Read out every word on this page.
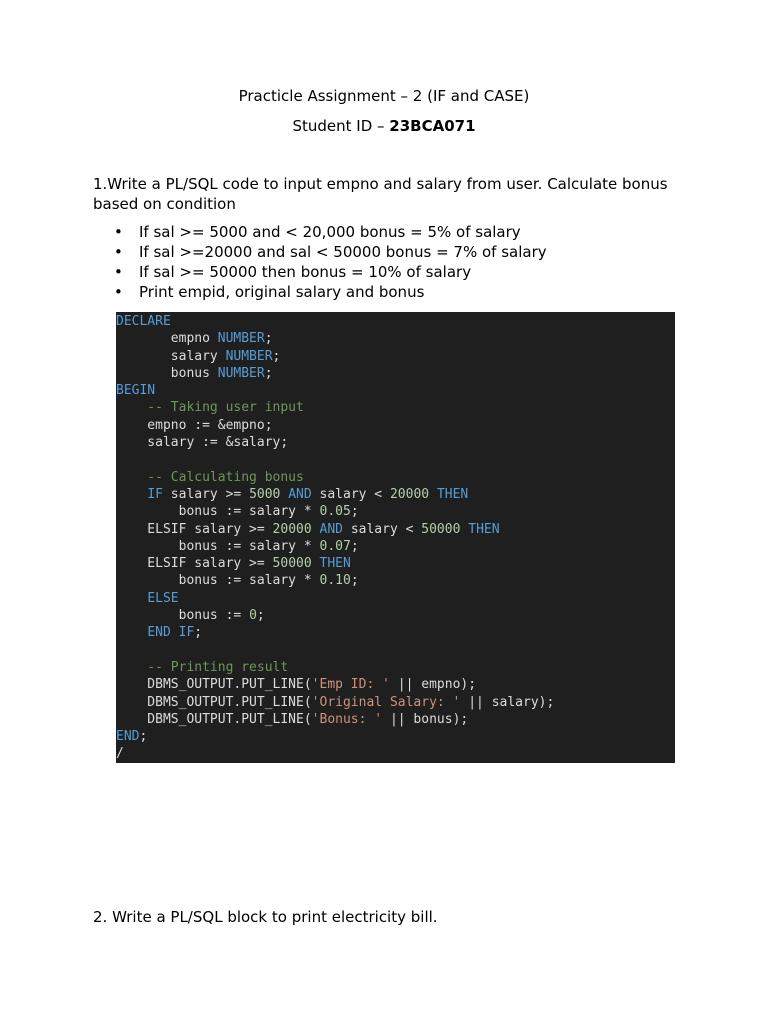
Practicle Assignment – 2 (IF and CASE)
Student ID – 23BCA071
1.Write a PL/SQL code to input empno and salary from user. Calculate bonus based on condition
• If sal >= 5000 and < 20,000 bonus = 5% of salary
• If sal >=20000 and sal < 50000 bonus = 7% of salary
• If sal >= 50000 then bonus = 10% of salary
• Print empid, original salary and bonus
DECLARE
empno NUMBER;
salary NUMBER;
bonus NUMBER;
BEGIN
-- Taking user input
empno := &empno;
salary := &salary;
-- Calculating bonus
IF salary >= 5000 AND salary < 20000 THEN
bonus := salary * 0.05;
ELSIF salary >= 20000 AND salary < 50000 THEN
bonus := salary * 0.07;
ELSIF salary >= 50000 THEN
bonus := salary * 0.10;
ELSE
bonus := 0;
END IF;
-- Printing result
DBMS_OUTPUT.PUT_LINE('Emp ID: ' || empno);
DBMS_OUTPUT.PUT_LINE('Original Salary: ' || salary);
DBMS_OUTPUT.PUT_LINE('Bonus: ' || bonus);
END;
/
2. Write a PL/SQL block to print electricity bill.
